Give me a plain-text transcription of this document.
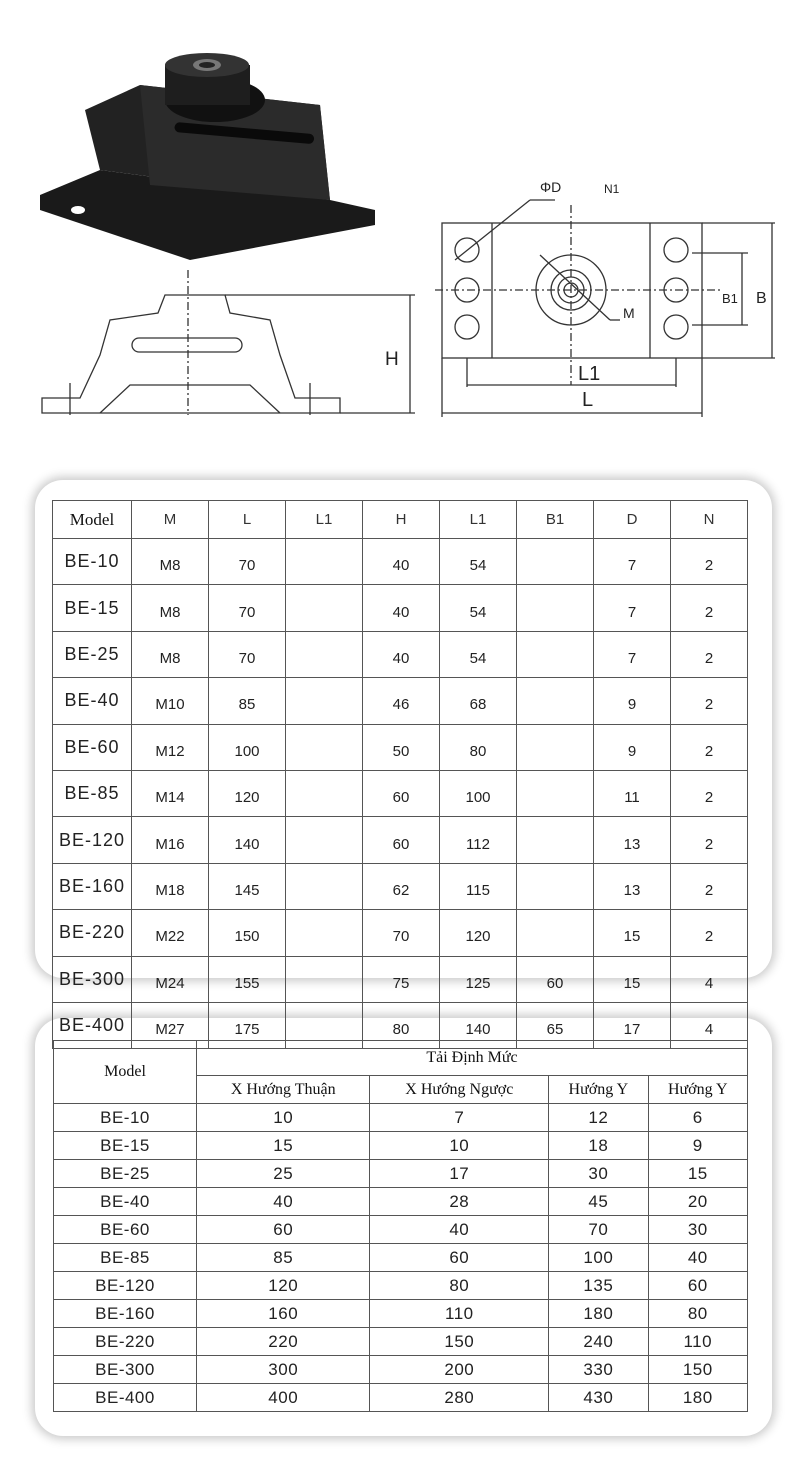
H
ΦD	N1
M
B1 B
L1
L
Model	M	L	L1	H	L1	B1	D	N
BE-10	M8	70		40	54		7	2
BE-15	M8	70		40	54		7	2
BE-25	M8	70		40	54		7	2
BE-40	M10	85		46	68		9	2
BE-60	M12	100		50	80		9	2
BE-85	M14	120		60	100		11	2
BE-120	M16	140		60	112		13	2
BE-160	M18	145		62	115		13	2
BE-220	M22	150		70	120		15	2
BE-300	M24	155		75	125	60	15	4
BE-400	M27	175		80	140	65	17	4
Model	Tải Định Mức			
	X Hướng Thuận	X Hướng Ngược	Hướng Y	Hướng Y
BE-10	10	7	12	6
BE-15	15	10	18	9
BE-25	25	17	30	15
BE-40	40	28	45	20
BE-60	60	40	70	30
BE-85	85	60	100	40
BE-120	120	80	135	60
BE-160	160	110	180	80
BE-220	220	150	240	110
BE-300	300	200	330	150
BE-400	400	280	430	180
